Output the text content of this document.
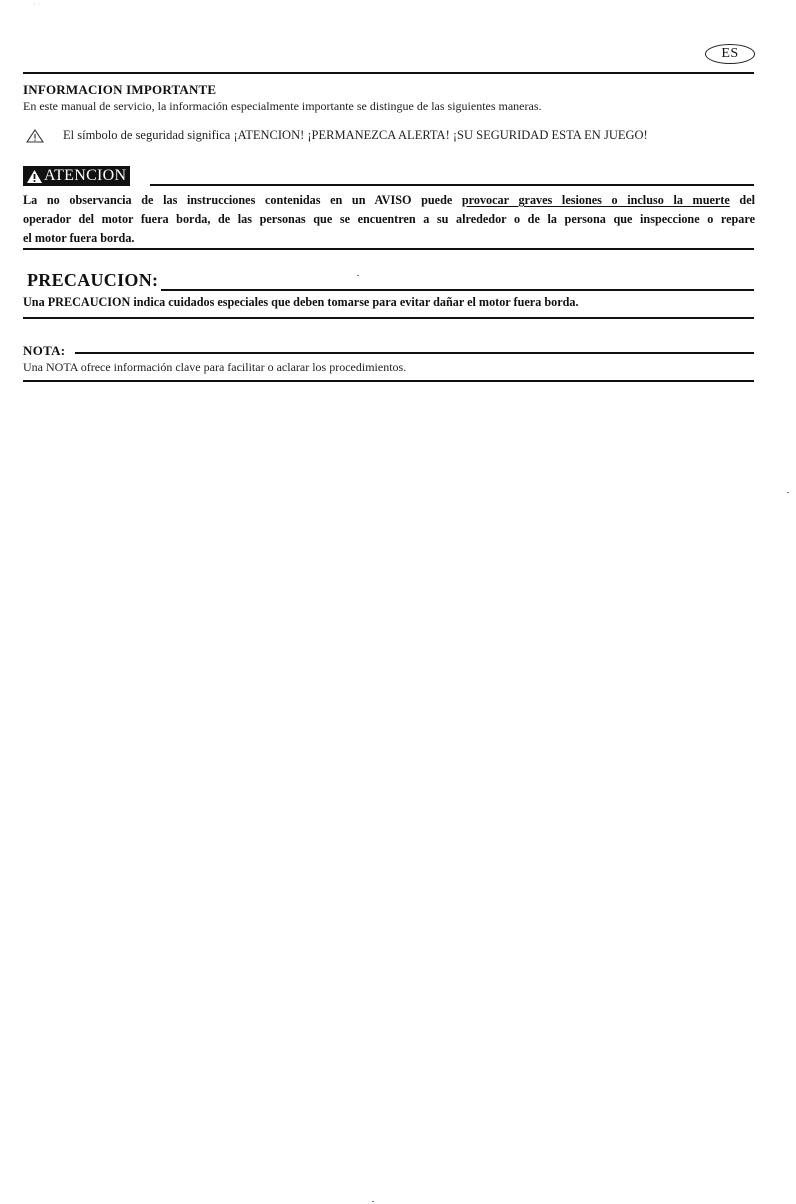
· ·
ES
INFORMACION IMPORTANTE
En este manual de servicio, la información especialmente importante se distingue de las siguientes maneras.
El símbolo de seguridad significa ¡ATENCION! ¡PERMANEZCA ALERTA! ¡SU SEGURIDAD ESTA EN JUEGO!
ATENCION
La no observancia de las instrucciones contenidas en un AVISO puede provocar graves lesiones o incluso la muerte del
operador del motor fuera borda, de las personas que se encuentren a su alrededor o de la persona que inspeccione o repare
el motor fuera borda.
PRECAUCION:
Una PRECAUCION indica cuidados especiales que deben tomarse para evitar dañar el motor fuera borda.
NOTA:
Una NOTA ofrece información clave para facilitar o aclarar los procedimientos.
